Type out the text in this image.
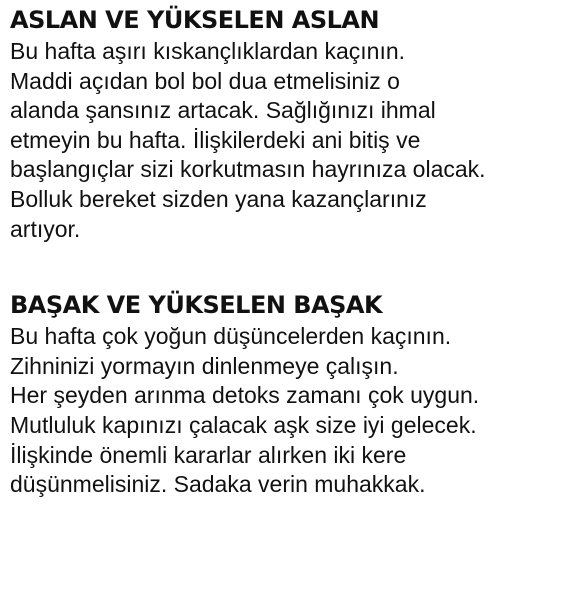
ASLAN VE YÜKSELEN ASLAN
Bu hafta aşırı kıskançlıklardan kaçının.
Maddi açıdan bol bol dua etmelisiniz o
alanda şansınız artacak. Sağlığınızı ihmal
etmeyin bu hafta. İlişkilerdeki ani bitiş ve
başlangıçlar sizi korkutmasın hayrınıza olacak.
Bolluk bereket sizden yana kazançlarınız
artıyor.
BAŞAK VE YÜKSELEN BAŞAK
Bu hafta çok yoğun düşüncelerden kaçının.
Zihninizi yormayın dinlenmeye çalışın.
Her şeyden arınma detoks zamanı çok uygun.
Mutluluk kapınızı çalacak aşk size iyi gelecek.
İlişkinde önemli kararlar alırken iki kere
düşünmelisiniz. Sadaka verin muhakkak.
